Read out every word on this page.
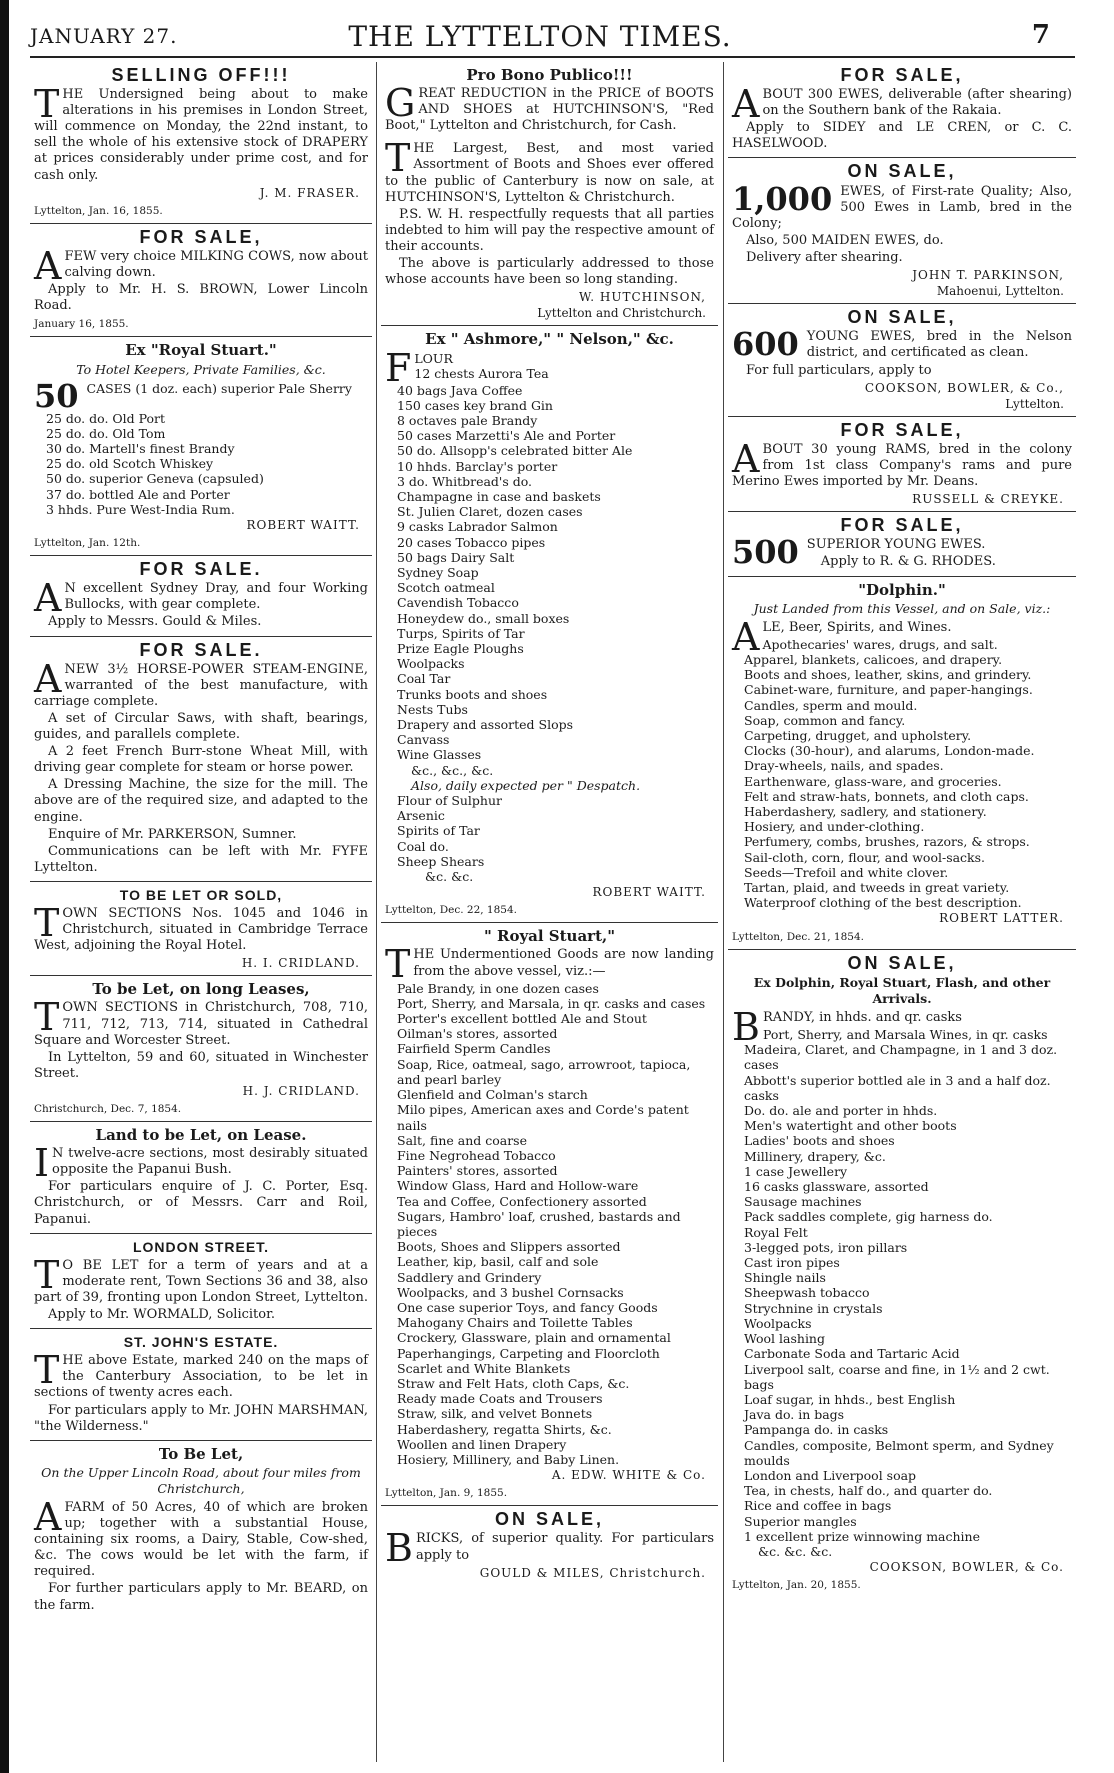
JANUARY 27.	THE LYTTELTON TIMES.	7
SELLING OFF!!!

THE Undersigned being about to make alterations in his premises in London Street, will commence on Monday, the 22nd instant, to sell the whole of his extensive stock of DRAPERY at prices considerably under prime cost, and for cash only.

J. M. FRASER.
Lyttelton, Jan. 16, 1855.
FOR SALE,

A FEW very choice MILKING COWS, now about calving down.

Apply to Mr. H. S. BROWN, Lower Lincoln Road.

January 16, 1855.
Ex "Royal Stuart."
To Hotel Keepers, Private Families, &c.
50 CASES (1 doz. each) superior Pale Sherry
25 do. do. Old Port
25 do. do. Old Tom
30 do. Martell's finest Brandy
25 do. old Scotch Whiskey
50 do. superior Geneva (capsuled)
37 do. bottled Ale and Porter
3 hhds. Pure West-India Rum.
ROBERT WAITT.
Lyttelton, Jan. 12th.
FOR SALE.

A N excellent Sydney Dray, and four Working Bullocks, with gear complete.

Apply to Messrs. Gould & Miles.

FOR SALE.

A NEW 3½ HORSE-POWER STEAM-ENGINE, warranted of the best manufacture, with carriage complete.

A set of Circular Saws, with shaft, bearings, guides, and parallels complete.

A 2 feet French Burr-stone Wheat Mill, with driving gear complete for steam or horse power.

A Dressing Machine, the size for the mill. The above are of the required size, and adapted to the engine.

Enquire of Mr. PARKERSON, Sumner.

Communications can be left with Mr. FYFE Lyttelton.

TO BE LET OR SOLD,

TOWN SECTIONS Nos. 1045 and 1046 in Christchurch, situated in Cambridge Terrace West, adjoining the Royal Hotel.

H. I. CRIDLAND.
To be Let, on long Leases,

TOWN SECTIONS in Christchurch, 708, 710, 711, 712, 713, 714, situated in Cathedral Square and Worcester Street.

In Lyttelton, 59 and 60, situated in Winchester Street.

H. J. CRIDLAND.
Christchurch, Dec. 7, 1854.
Land to be Let, on Lease.

I N twelve-acre sections, most desirably situated opposite the Papanui Bush.

For particulars enquire of J. C. Porter, Esq. Christchurch, or of Messrs. Carr and Roil, Papanui.

LONDON STREET.

T O BE LET for a term of years and at a moderate rent, Town Sections 36 and 38, also part of 39, fronting upon London Street, Lyttelton.

Apply to Mr. WORMALD, Solicitor.

ST. JOHN'S ESTATE.

THE above Estate, marked 240 on the maps of the Canterbury Association, to be let in sections of twenty acres each.

For particulars apply to Mr. JOHN MARSHMAN, "the Wilderness."

To Be Let,
On the Upper Lincoln Road, about four miles from Christchurch,

A FARM of 50 Acres, 40 of which are broken up; together with a substantial House, containing six rooms, a Dairy, Stable, Cow-shed, &c. The cows would be let with the farm, if required.

For further particulars apply to Mr. BEARD, on the farm.

Pro Bono Publico!!!

GREAT REDUCTION in the PRICE of BOOTS AND SHOES at HUTCHINSON'S, "Red Boot," Lyttelton and Christchurch, for Cash.

THE Largest, Best, and most varied Assortment of Boots and Shoes ever offered to the public of Canterbury is now on sale, at HUTCHINSON'S, Lyttelton & Christchurch.

P.S. W. H. respectfully requests that all parties indebted to him will pay the respective amount of their accounts.

The above is particularly addressed to those whose accounts have been so long standing.

W. HUTCHINSON,
Lyttelton and Christchurch.
Ex " Ashmore," " Nelson," &c.
FLOUR
12 chests Aurora Tea
40 bags Java Coffee
150 cases key brand Gin
8 octaves pale Brandy
50 cases Marzetti's Ale and Porter
50 do. Allsopp's celebrated bitter Ale
10 hhds. Barclay's porter
3 do. Whitbread's do.
Champagne in case and baskets
St. Julien Claret, dozen cases
9 casks Labrador Salmon
20 cases Tobacco pipes
50 bags Dairy Salt
Sydney Soap
Scotch oatmeal
Cavendish Tobacco
Honeydew do., small boxes
Turps, Spirits of Tar
Prize Eagle Ploughs
Woolpacks
Coal Tar
Trunks boots and shoes
Nests Tubs
Drapery and assorted Slops
Canvass
Wine Glasses
&c., &c., &c.
Also, daily expected per " Despatch.
Flour of Sulphur
Arsenic
Spirits of Tar
Coal do.
Sheep Shears
&c. &c.
ROBERT WAITT.
Lyttelton, Dec. 22, 1854.
" Royal Stuart,"

THE Undermentioned Goods are now landing from the above vessel, viz.:—

Pale Brandy, in one dozen cases
Port, Sherry, and Marsala, in qr. casks and cases
Porter's excellent bottled Ale and Stout
Oilman's stores, assorted
Fairfield Sperm Candles
Soap, Rice, oatmeal, sago, arrowroot, tapioca, and pearl barley
Glenfield and Colman's starch
Milo pipes, American axes and Corde's patent nails
Salt, fine and coarse
Fine Negrohead Tobacco
Painters' stores, assorted
Window Glass, Hard and Hollow-ware
Tea and Coffee, Confectionery assorted
Sugars, Hambro' loaf, crushed, bastards and pieces
Boots, Shoes and Slippers assorted
Leather, kip, basil, calf and sole
Saddlery and Grindery
Woolpacks, and 3 bushel Cornsacks
One case superior Toys, and fancy Goods
Mahogany Chairs and Toilette Tables
Crockery, Glassware, plain and ornamental
Paperhangings, Carpeting and Floorcloth
Scarlet and White Blankets
Straw and Felt Hats, cloth Caps, &c.
Ready made Coats and Trousers
Straw, silk, and velvet Bonnets
Haberdashery, regatta Shirts, &c.
Woollen and linen Drapery
Hosiery, Millinery, and Baby Linen.
A. EDW. WHITE & Co.
Lyttelton, Jan. 9, 1855.
ON SALE,

BRICKS, of superior quality. For particulars apply to

GOULD & MILES, Christchurch.
FOR SALE,

ABOUT 300 EWES, deliverable (after shearing) on the Southern bank of the Rakaia.

Apply to SIDEY and LE CREN, or C. C. HASELWOOD.

ON SALE,

1,000 EWES, of First-rate Quality; Also, 500 Ewes in Lamb, bred in the Colony;

Also, 500 MAIDEN EWES, do.

Delivery after shearing.

JOHN T. PARKINSON,
Mahoenui, Lyttelton.
ON SALE,

600 YOUNG EWES, bred in the Nelson district, and certificated as clean.

For full particulars, apply to

COOKSON, BOWLER, & Co.,
Lyttelton.
FOR SALE,

ABOUT 30 young RAMS, bred in the colony from 1st class Company's rams and pure Merino Ewes imported by Mr. Deans.

RUSSELL & CREYKE.
FOR SALE,

500 SUPERIOR YOUNG EWES.

Apply to R. & G. RHODES.

"Dolphin."
Just Landed from this Vessel, and on Sale, viz.:

ALE, Beer, Spirits, and Wines.

Apothecaries' wares, drugs, and salt.
Apparel, blankets, calicoes, and drapery.
Boots and shoes, leather, skins, and grindery.
Cabinet-ware, furniture, and paper-hangings.
Candles, sperm and mould.
Soap, common and fancy.
Carpeting, drugget, and upholstery.
Clocks (30-hour), and alarums, London-made.
Dray-wheels, nails, and spades.
Earthenware, glass-ware, and groceries.
Felt and straw-hats, bonnets, and cloth caps.
Haberdashery, sadlery, and stationery.
Hosiery, and under-clothing.
Perfumery, combs, brushes, razors, & strops.
Sail-cloth, corn, flour, and wool-sacks.
Seeds—Trefoil and white clover.
Tartan, plaid, and tweeds in great variety.
Waterproof clothing of the best description.
ROBERT LATTER.
Lyttelton, Dec. 21, 1854.
ON SALE,
Ex Dolphin, Royal Stuart, Flash, and other Arrivals.

BRANDY, in hhds. and qr. casks

Port, Sherry, and Marsala Wines, in qr. casks
Madeira, Claret, and Champagne, in 1 and 3 doz. cases
Abbott's superior bottled ale in 3 and a half doz. casks
Do. do. ale and porter in hhds.
Men's watertight and other boots
Ladies' boots and shoes
Millinery, drapery, &c.
1 case Jewellery
16 casks glassware, assorted
Sausage machines
Pack saddles complete, gig harness do.
Royal Felt
3-legged pots, iron pillars
Cast iron pipes
Shingle nails
Sheepwash tobacco
Strychnine in crystals
Woolpacks
Wool lashing
Carbonate Soda and Tartaric Acid
Liverpool salt, coarse and fine, in 1½ and 2 cwt. bags
Loaf sugar, in hhds., best English
Java do. in bags
Pampanga do. in casks
Candles, composite, Belmont sperm, and Sydney moulds
London and Liverpool soap
Tea, in chests, half do., and quarter do.
Rice and coffee in bags
Superior mangles
1 excellent prize winnowing machine
&c. &c. &c.
COOKSON, BOWLER, & Co.
Lyttelton, Jan. 20, 1855.
